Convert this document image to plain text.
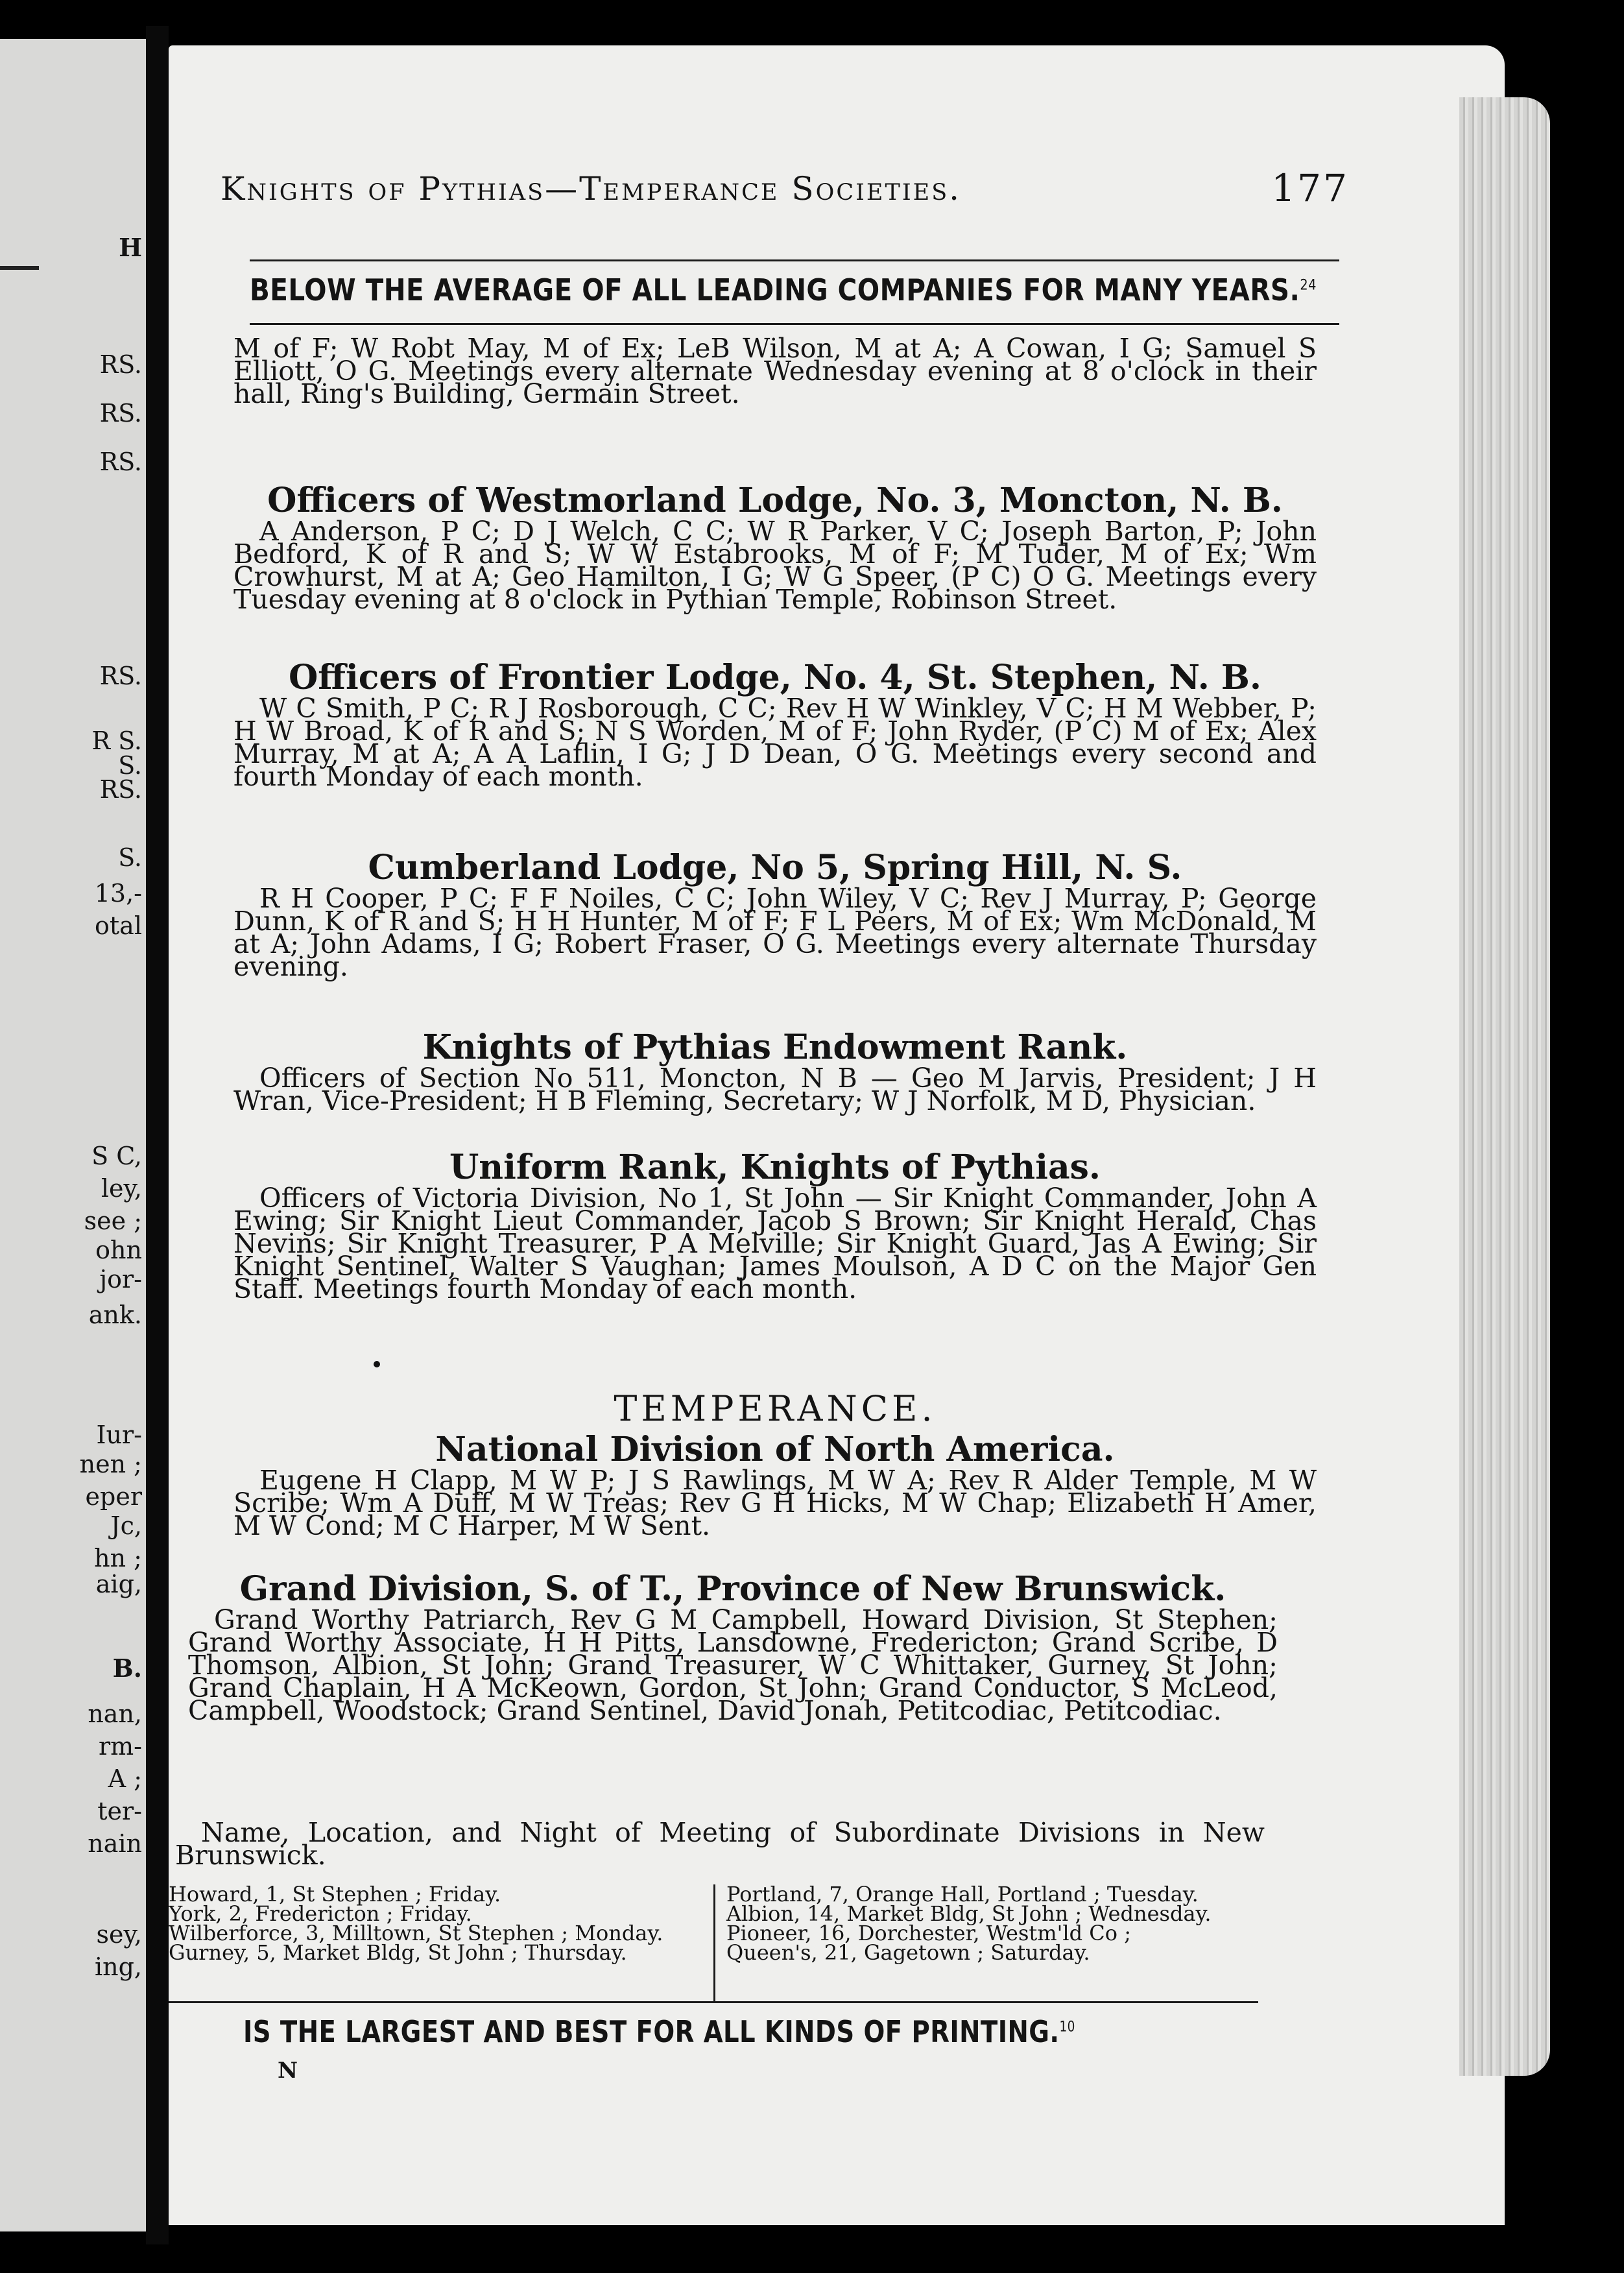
H
RS.
RS.
RS.
RS.
R S.
S.
RS.
S.
13,-
otal
S C,
ley,
see ;
ohn
jor-
ank.
Iur-
nen ;
eper
Jc,
hn ;
aig,
B.
nan,
rm-
A ;
ter-
nain
sey,
ing,
Knights of Pythias—Temperance Societies.	177
BELOW THE AVERAGE OF ALL LEADING COMPANIES FOR MANY YEARS.$^{24}$

M of F; W Robt May, M of Ex; LeB Wilson, M at A; A Cowan, I G; Samuel S Elliott, O G. Meetings every alternate Wednesday evening at 8 o'clock in their hall, Ring's Building, Germain Street.

Officers of Westmorland Lodge, No. 3, Moncton, N. B.

A Anderson, P C; D J Welch, C C; W R Parker, V C; Joseph Barton, P; John Bedford, K of R and S; W W Estabrooks, M of F; M Tuder, M of Ex; Wm Crowhurst, M at A; Geo Hamilton, I G; W G Speer, (P C) O G. Meetings every Tuesday evening at 8 o'clock in Pythian Temple, Robinson Street.

Officers of Frontier Lodge, No. 4, St. Stephen, N. B.

W C Smith, P C; R J Rosborough, C C; Rev H W Winkley, V C; H M Webber, P; H W Broad, K of R and S; N S Worden, M of F; John Ryder, (P C) M of Ex; Alex Murray, M at A; A A Laflin, I G; J D Dean, O G. Meetings every second and fourth Monday of each month.

Cumberland Lodge, No 5, Spring Hill, N. S.

R H Cooper, P C; F F Noiles, C C; John Wiley, V C; Rev J Murray, P; George Dunn, K of R and S; H H Hunter, M of F; F L Peers, M of Ex; Wm McDonald, M at A; John Adams, I G; Robert Fraser, O G. Meetings every alternate Thursday evening.

Knights of Pythias Endowment Rank.

Officers of Section No 511, Moncton, N B — Geo M Jarvis, President; J H Wran, Vice-President; H B Fleming, Secretary; W J Norfolk, M D, Physician.

Uniform Rank, Knights of Pythias.

Officers of Victoria Division, No 1, St John — Sir Knight Commander, John A Ewing; Sir Knight Lieut Commander, Jacob S Brown; Sir Knight Herald, Chas Nevins; Sir Knight Treasurer, P A Melville; Sir Knight Guard, Jas A Ewing; Sir Knight Sentinel, Walter S Vaughan; James Moulson, A D C on the Major Gen Staff. Meetings fourth Monday of each month.

TEMPERANCE.

National Division of North America.

Eugene H Clapp, M W P; J S Rawlings, M W A; Rev R Alder Temple, M W Scribe; Wm A Duff, M W Treas; Rev G H Hicks, M W Chap; Elizabeth H Amer, M W Cond; M C Harper, M W Sent.

Grand Division, S. of T., Province of New Brunswick.

Grand Worthy Patriarch, Rev G M Campbell, Howard Division, St Stephen; Grand Worthy Associate, H H Pitts, Lansdowne, Fredericton; Grand Scribe, D Thomson, Albion, St John; Grand Treasurer, W C Whittaker, Gurney, St John; Grand Chaplain, H A McKeown, Gordon, St John; Grand Conductor, S McLeod, Campbell, Woodstock; Grand Sentinel, David Jonah, Petitcodiac, Petitcodiac.

Name, Location, and Night of Meeting of Subordinate Divisions in New Brunswick.

Howard, 1, St Stephen ; Friday.
York, 2, Fredericton ; Friday.
Wilberforce, 3, Milltown, St Stephen ; Monday.
Gurney, 5, Market Bldg, St John ; Thursday.
Portland, 7, Orange Hall, Portland ; Tuesday.
Albion, 14, Market Bldg, St John ; Wednesday.
Pioneer, 16, Dorchester, Westm'ld Co ;
Queen's, 21, Gagetown ; Saturday.
IS THE LARGEST AND BEST FOR ALL KINDS OF PRINTING.$^{10}$
N
